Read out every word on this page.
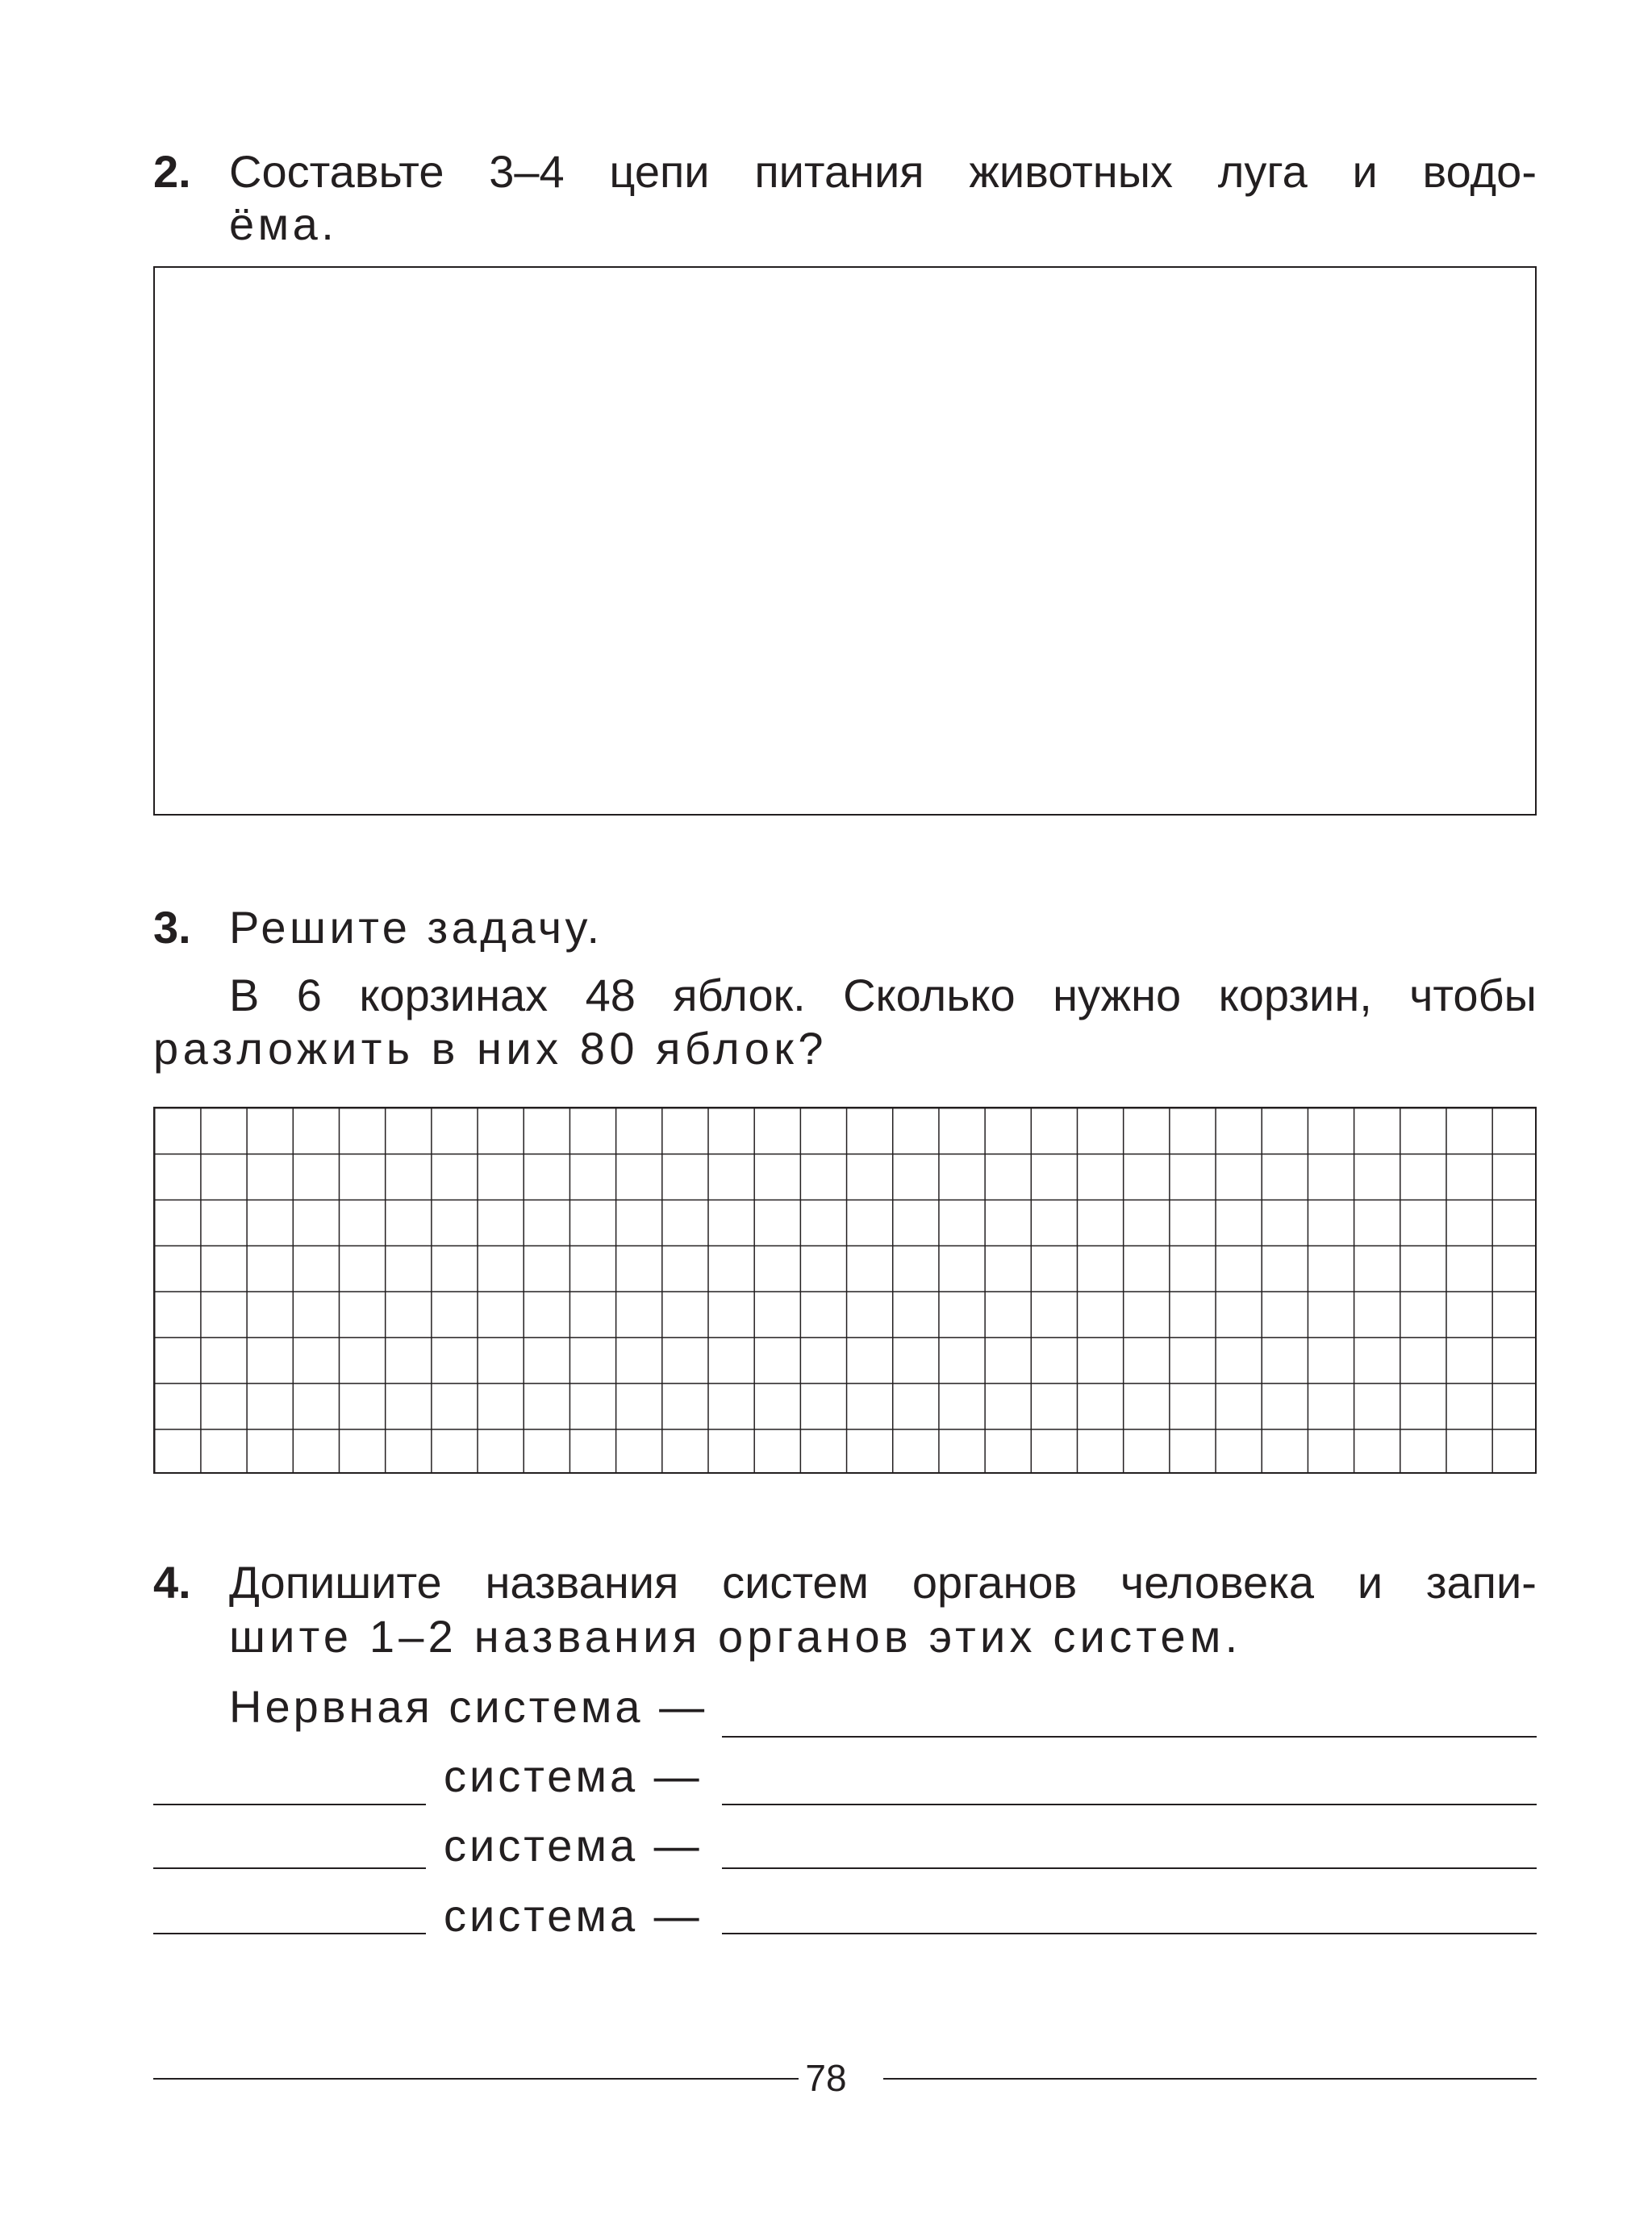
2. Составьте 3–4 цепи питания животных луга и водо-
ёма.
3. Решите задачу.
В 6 корзинах 48 яблок. Сколько нужно корзин, чтобы
разложить в них 80 яблок?
4. Допишите названия систем органов человека и запи-
шите 1–2 названия органов этих систем.
Нервная система —
система —
система —
система —
78
